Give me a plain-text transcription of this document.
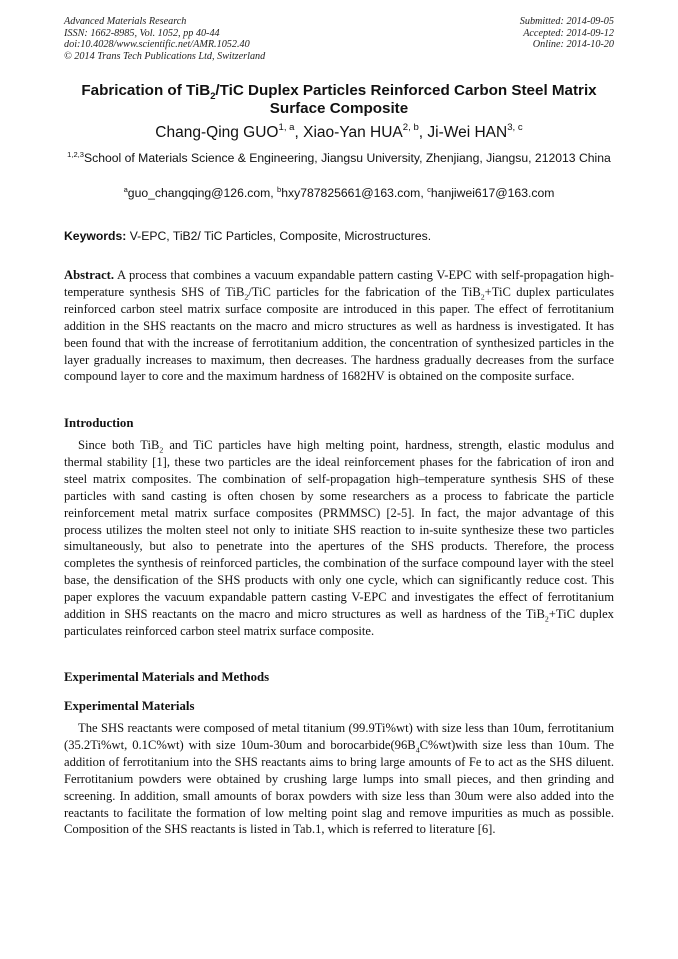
Advanced Materials Research
ISSN: 1662-8985, Vol. 1052, pp 40-44
doi:10.4028/www.scientific.net/AMR.1052.40
© 2014 Trans Tech Publications Ltd, Switzerland
Submitted: 2014-09-05
Accepted: 2014-09-12
Online: 2014-10-20
Fabrication of TiB$_2$/TiC Duplex Particles Reinforced Carbon Steel Matrix Surface Composite
Chang-Qing GUO$^{1, a}$, Xiao-Yan HUA$^{2, b}$, Ji-Wei HAN$^{3, c}$
$^{1,2,3}$School of Materials Science & Engineering, Jiangsu University, Zhenjiang, Jiangsu, 212013 China
$^a$guo_changqing@126.com, $^b$hxy787825661@163.com, $^c$hanjiwei617@163.com
Keywords: V-EPC, TiB2/ TiC Particles, Composite, Microstructures.
Abstract. A process that combines a vacuum expandable pattern casting V-EPC with self-propagation high-temperature synthesis SHS of TiB$_2$/TiC particles for the fabrication of the TiB$_2$+TiC duplex particulates reinforced carbon steel matrix surface composite are introduced in this paper. The effect of ferrotitanium addition in the SHS reactants on the macro and micro structures as well as hardness is investigated. It has been found that with the increase of ferrotitanium addition, the concentration of synthesized particles in the layer gradually increases to maximum, then decreases. The hardness gradually decreases from the surface compound layer to core and the maximum hardness of 1682HV is obtained on the composite surface.
Introduction
Since both TiB$_2$ and TiC particles have high melting point, hardness, strength, elastic modulus and thermal stability [1], these two particles are the ideal reinforcement phases for the fabrication of iron and steel matrix composites. The combination of self-propagation high–temperature synthesis SHS of these particles with sand casting is often chosen by some researchers as a process to fabricate the particle reinforcement metal matrix surface composites (PRMMSC) [2-5]. In fact, the major advantage of this process utilizes the molten steel not only to initiate SHS reaction to in-suite synthesize these two particles simultaneously, but also to penetrate into the apertures of the SHS products. Therefore, the process completes the synthesis of reinforced particles, the combination of the surface compound layer with the steel base, the densification of the SHS products with only one cycle, which can significantly reduce cost. This paper explores the vacuum expandable pattern casting V-EPC and investigates the effect of ferrotitanium addition in SHS reactants on the macro and micro structures as well as hardness of the TiB$_2$+TiC duplex particulates reinforced carbon steel matrix surface composite.
Experimental Materials and Methods
Experimental Materials
The SHS reactants were composed of metal titanium (99.9Ti%wt) with size less than 10um, ferrotitanium (35.2Ti%wt, 0.1C%wt) with size 10um-30um and $borocarbide(96B_4C\%wt)with$ size less than 10um. The addition of ferrotitanium into the SHS reactants aims to bring large amounts of Fe to act as the SHS diluent. Ferrotitanium powders were obtained by crushing large lumps into small pieces, and then grinding and screening. In addition, small amounts of borax powders with size less than 30um were also added into the reactants to facilitate the formation of low melting point slag and remove impurities as much as possible. Composition of the SHS reactants is listed in Tab.1, which is referred to literature [6].
